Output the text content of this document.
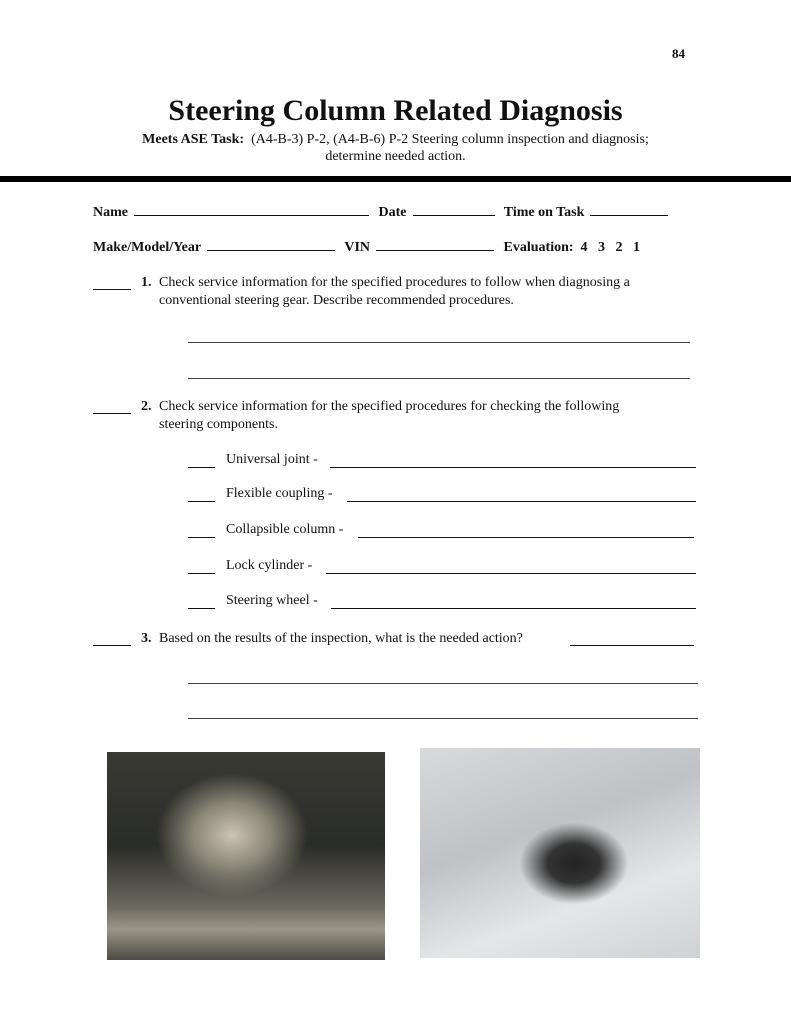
84
Steering Column Related Diagnosis
Meets ASE Task: (A4-B-3) P-2, (A4-B-6) P-2 Steering column inspection and diagnosis;
determine needed action.
Name	Date	Time on Task
Make/Model/Year	VIN	Evaluation: 4 3 2 1
1. Check service information for the specified procedures to follow when diagnosing a
conventional steering gear. Describe recommended procedures.
2. Check service information for the specified procedures for checking the following
steering components.
Universal joint -
Flexible coupling -
Collapsible column -
Lock cylinder -
Steering wheel -
3. Based on the results of the inspection, what is the needed action?
